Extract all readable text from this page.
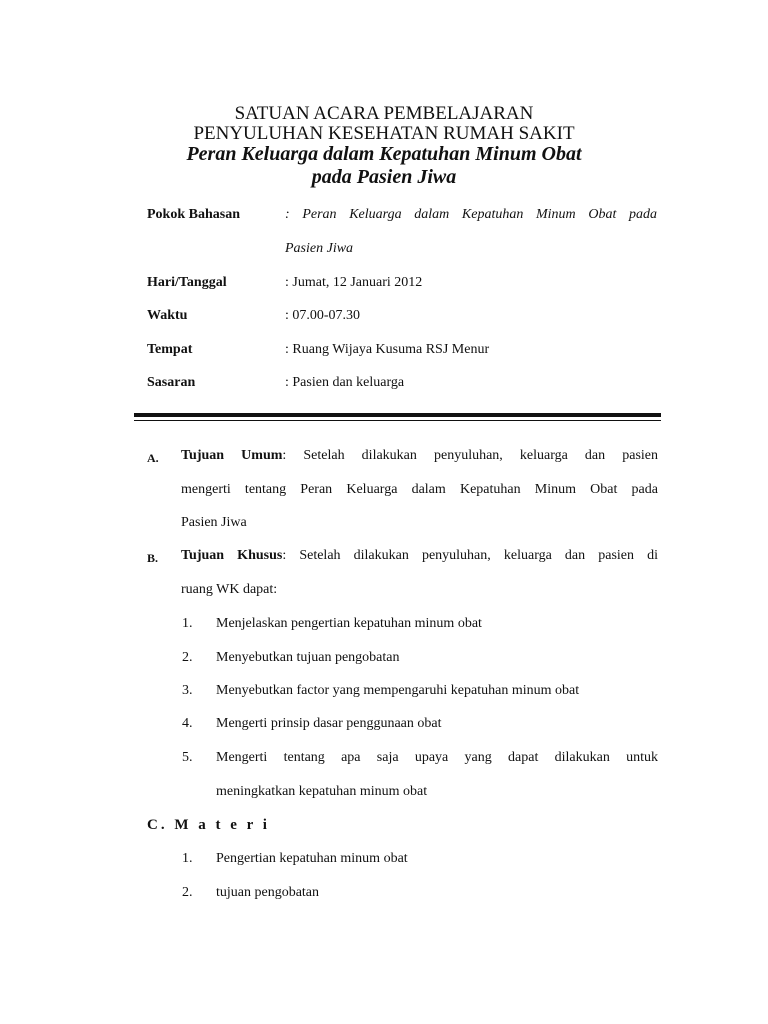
SATUAN ACARA PEMBELAJARAN
PENYULUHAN KESEHATAN RUMAH SAKIT
Peran Keluarga dalam Kepatuhan Minum Obat
pada Pasien Jiwa
Pokok Bahasan	: Peran Keluarga dalam Kepatuhan Minum Obat pada
Pasien Jiwa
Hari/Tanggal	: Jumat, 12 Januari 2012
Waktu	: 07.00-07.30
Tempat	: Ruang Wijaya Kusuma RSJ Menur
Sasaran	: Pasien dan keluarga
A. Tujuan Umum: Setelah dilakukan penyuluhan, keluarga dan pasien
mengerti tentang Peran Keluarga dalam Kepatuhan Minum Obat pada
Pasien Jiwa
B. Tujuan Khusus: Setelah dilakukan penyuluhan, keluarga dan pasien di
ruang WK dapat:
1. Menjelaskan pengertian kepatuhan minum obat
2. Menyebutkan tujuan pengobatan
3. Menyebutkan factor yang mempengaruhi kepatuhan minum obat
4. Mengerti prinsip dasar penggunaan obat
5. Mengerti tentang apa saja upaya yang dapat dilakukan untuk
meningkatkan kepatuhan minum obat
C. M a t e r i
1. Pengertian kepatuhan minum obat
2. tujuan pengobatan
